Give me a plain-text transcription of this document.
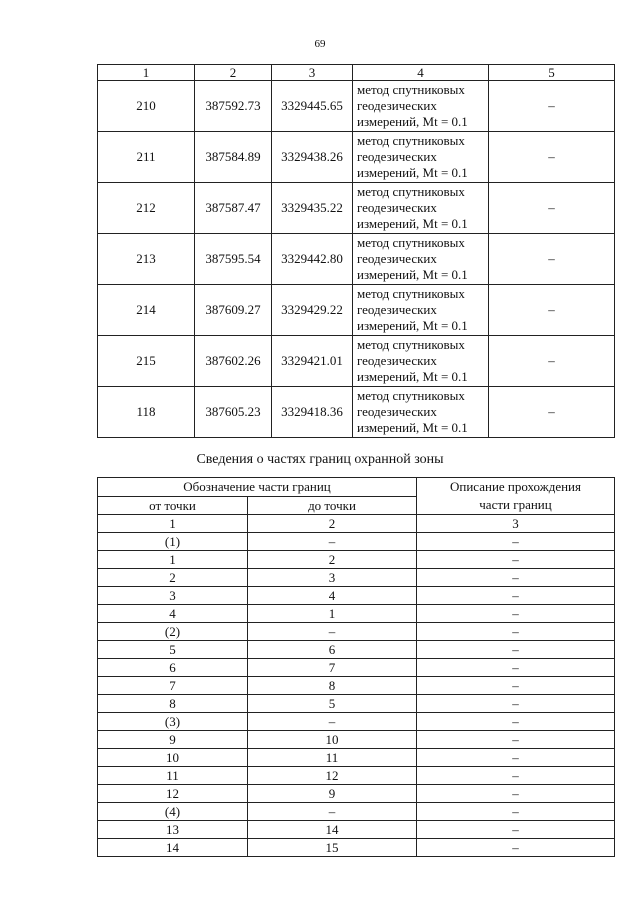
69
1	2	3	4	5
210	387592.73	3329445.65	метод спутниковых
геодезических
измерений, Mt = 0.1	–
211	387584.89	3329438.26	метод спутниковых
геодезических
измерений, Mt = 0.1	–
212	387587.47	3329435.22	метод спутниковых
геодезических
измерений, Mt = 0.1	–
213	387595.54	3329442.80	метод спутниковых
геодезических
измерений, Mt = 0.1	–
214	387609.27	3329429.22	метод спутниковых
геодезических
измерений, Mt = 0.1	–
215	387602.26	3329421.01	метод спутниковых
геодезических
измерений, Mt = 0.1	–
118	387605.23	3329418.36	метод спутниковых
геодезических
измерений, Mt = 0.1	–
Сведения о частях границ охранной зоны
Обозначение части границ		Описание прохождения
части границ

от точки	до точки	
1	2	3
(1)	–	–
1	2	–
2	3	–
3	4	–
4	1	–
(2)	–	–
5	6	–
6	7	–
7	8	–
8	5	–
(3)	–	–
9	10	–
10	11	–
11	12	–
12	9	–
(4)	–	–
13	14	–
14	15	–
